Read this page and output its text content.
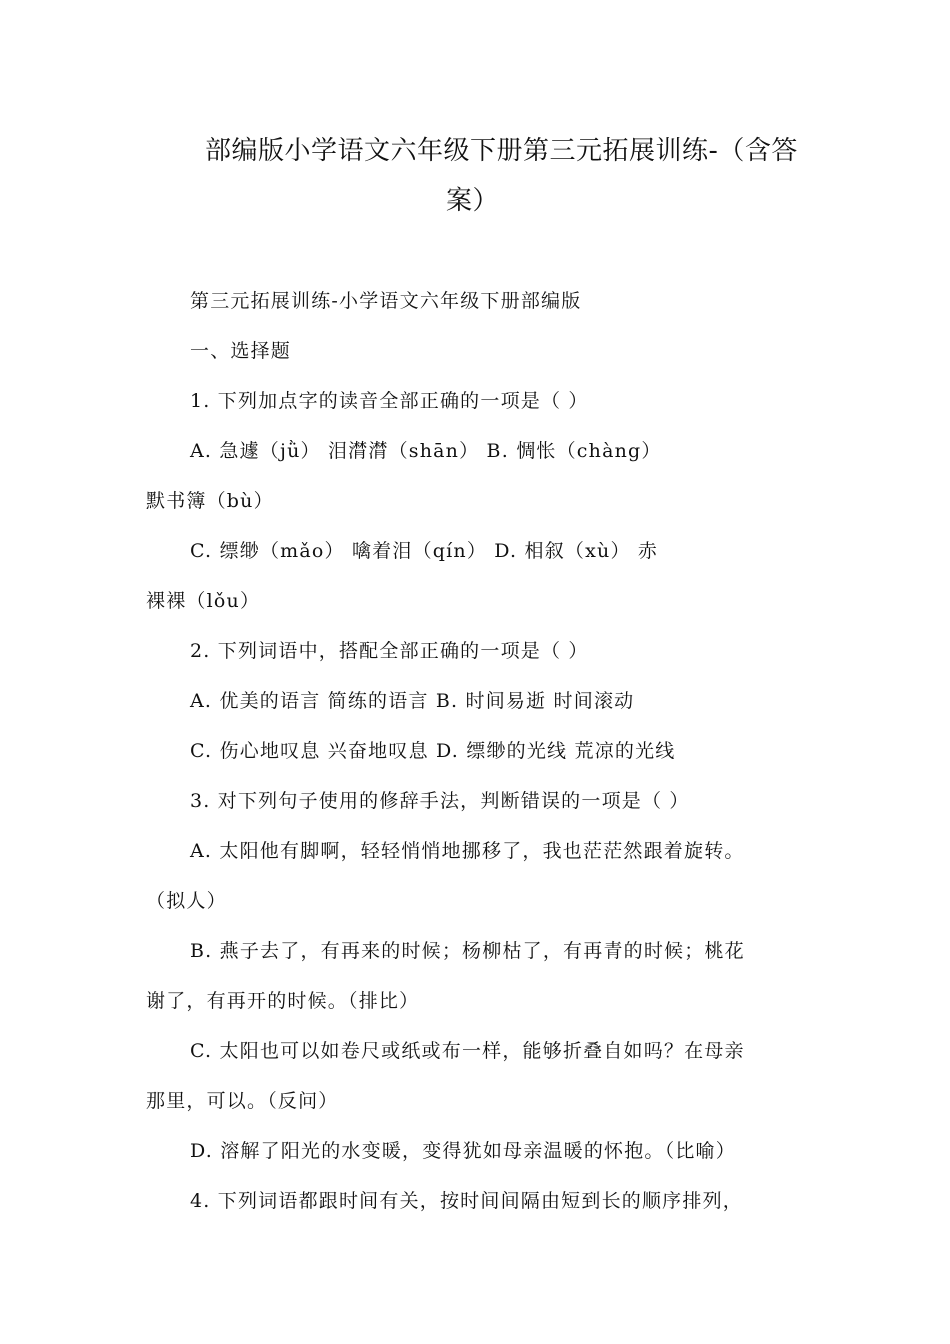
部编版小学语文六年级下册第三元拓展训练-（含答
案）
第三元拓展训练-小学语文六年级下册部编版
一、选择题
1. 下列加点字的读音全部正确的一项是（ ）
A. 急遽（jǜ） 泪潸潸（shān） B. 惆怅（chàng）
默书簿（bù）
C. 缥缈（mǎo） 噙着泪（qín） D. 相叙（xù） 赤
裸裸（lǒu）
2. 下列词语中，搭配全部正确的一项是（ ）
A. 优美的语言 简练的语言 B. 时间易逝 时间滚动
C. 伤心地叹息 兴奋地叹息 D. 缥缈的光线 荒凉的光线
3. 对下列句子使用的修辞手法，判断错误的一项是（ ）
A. 太阳他有脚啊，轻轻悄悄地挪移了，我也茫茫然跟着旋转。
（拟人）
B. 燕子去了，有再来的时候；杨柳枯了，有再青的时候；桃花
谢了，有再开的时候。（排比）
C. 太阳也可以如卷尺或纸或布一样，能够折叠自如吗？在母亲
那里，可以。（反问）
D. 溶解了阳光的水变暖，变得犹如母亲温暖的怀抱。（比喻）
4. 下列词语都跟时间有关，按时间间隔由短到长的顺序排列，
